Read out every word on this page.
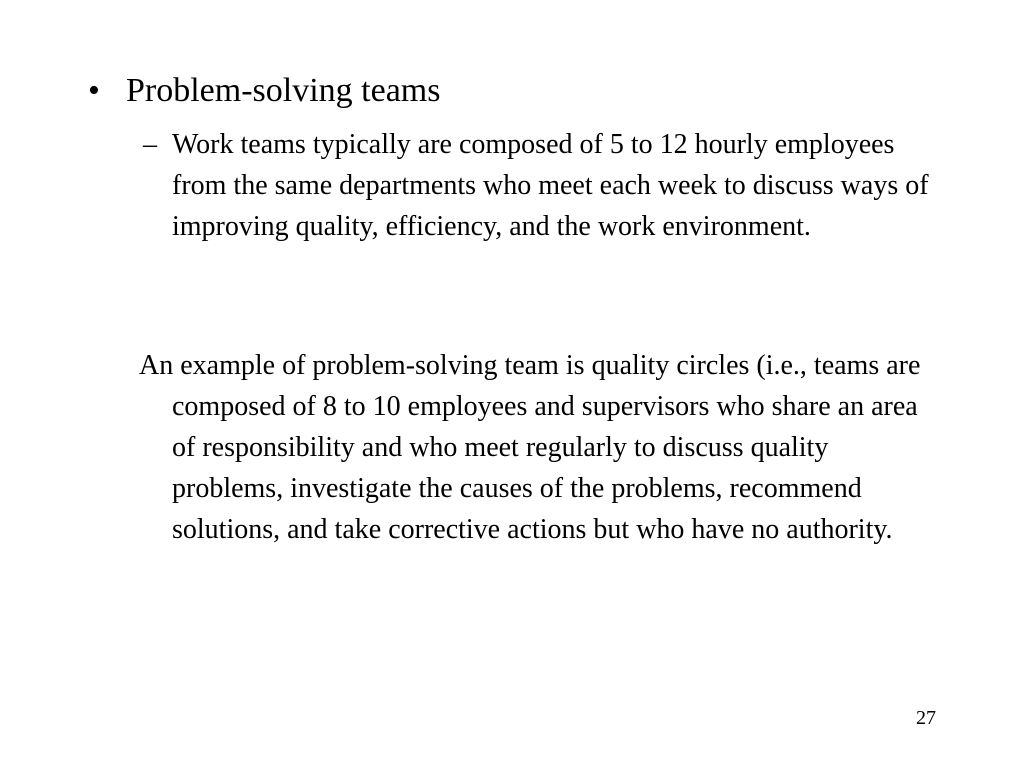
• Problem-solving teams
– Work teams typically are composed of 5 to 12 hourly employees from the same departments who meet each week to discuss ways of improving quality, efficiency, and the work environment.
An example of problem-solving team is quality circles (i.e., teams are composed of 8 to 10 employees and supervisors who share an area of responsibility and who meet regularly to discuss quality problems, investigate the causes of the problems, recommend solutions, and take corrective actions but who have no authority.
27
